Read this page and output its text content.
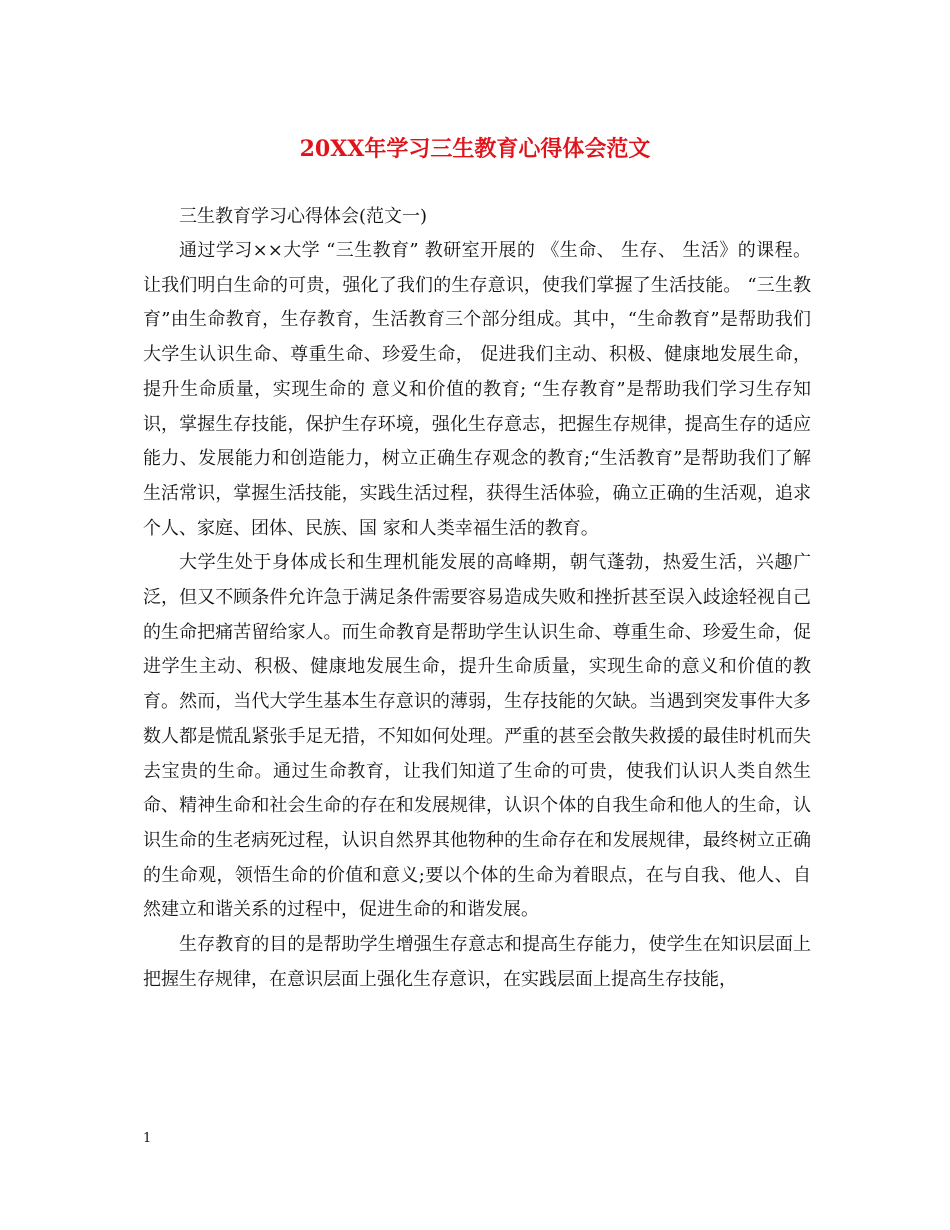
20XX年学习三生教育心得体会范文

三生教育学习心得体会(范文一)

通过学习××大学 “三生教育” 教研室开展的 《生命、 生存、 生活》的课程。让我们明白生命的可贵，强化了我们的生存意识，使我们掌握了生活技能。 “三生教育”由生命教育，生存教育，生活教育三个部分组成。其中，“生命教育”是帮助我们大学生认识生命、尊重生命、珍爱生命， 促进我们主动、积极、健康地发展生命，提升生命质量，实现生命的 意义和价值的教育; “生存教育”是帮助我们学习生存知识，掌握生存技能，保护生存环境，强化生存意志，把握生存规律，提高生存的适应能力、发展能力和创造能力，树立正确生存观念的教育;“生活教育”是帮助我们了解生活常识，掌握生活技能，实践生活过程，获得生活体验，确立正确的生活观，追求个人、家庭、团体、民族、国 家和人类幸福生活的教育。

大学生处于身体成长和生理机能发展的高峰期，朝气蓬勃，热爱生活，兴趣广泛，但又不顾条件允许急于满足条件需要容易造成失败和挫折甚至误入歧途轻视自己的生命把痛苦留给家人。而生命教育是帮助学生认识生命、尊重生命、珍爱生命，促进学生主动、积极、健康地发展生命，提升生命质量，实现生命的意义和价值的教育。然而，当代大学生基本生存意识的薄弱，生存技能的欠缺。当遇到突发事件大多数人都是慌乱紧张手足无措，不知如何处理。严重的甚至会散失救援的最佳时机而失去宝贵的生命。通过生命教育，让我们知道了生命的可贵，使我们认识人类自然生命、精神生命和社会生命的存在和发展规律，认识个体的自我生命和他人的生命，认识生命的生老病死过程，认识自然界其他物种的生命存在和发展规律，最终树立正确的生命观，领悟生命的价值和意义;要以个体的生命为着眼点，在与自我、他人、自然建立和谐关系的过程中，促进生命的和谐发展。

生存教育的目的是帮助学生增强生存意志和提高生存能力，使学生在知识层面上把握生存规律，在意识层面上强化生存意识，在实践层面上提高生存技能，

1
